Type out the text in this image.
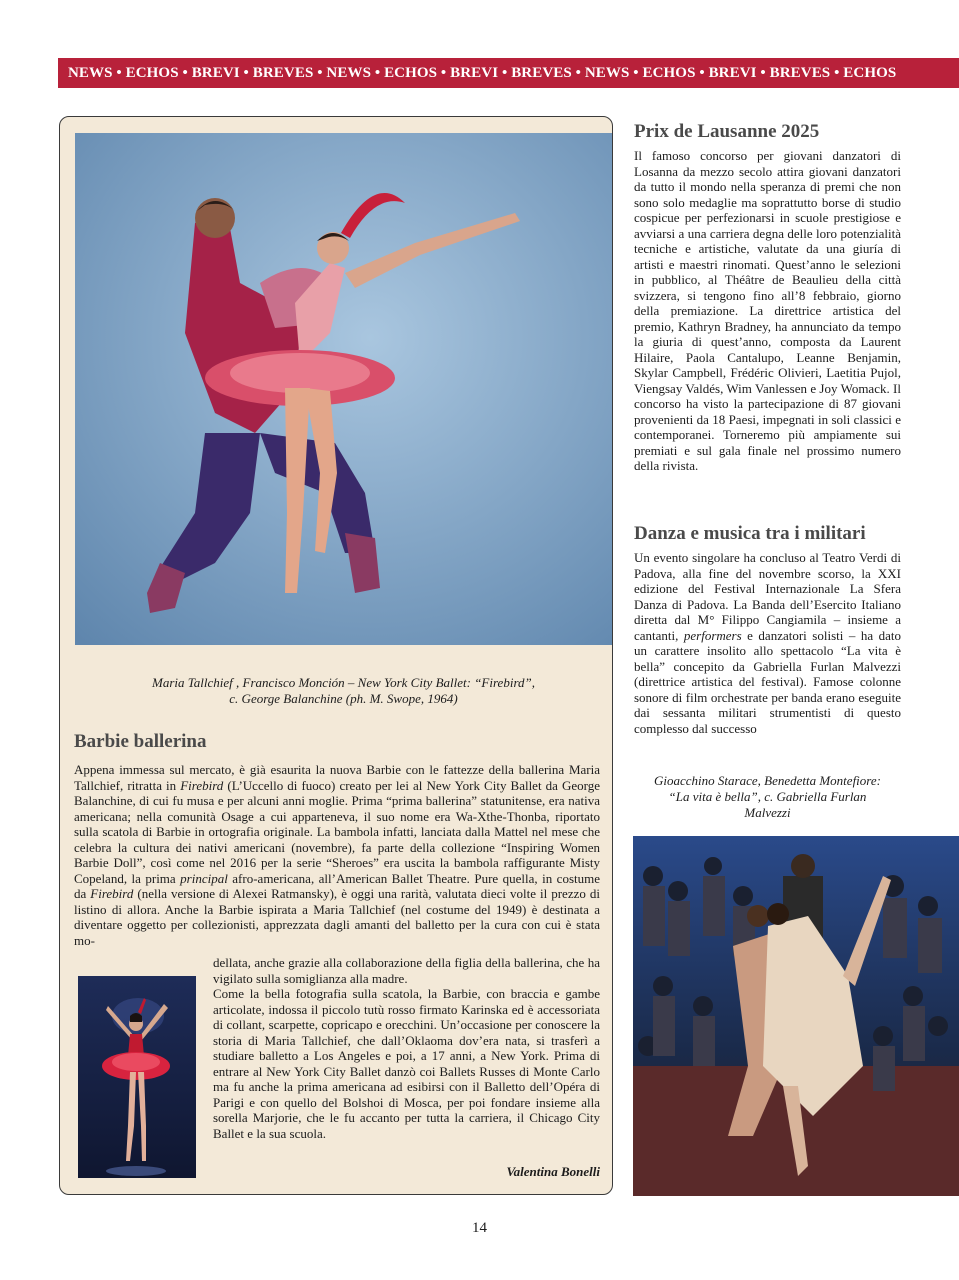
NEWS • ECHOS • BREVI • BREVES • NEWS • ECHOS • BREVI • BREVES • NEWS • ECHOS • BREVI • BREVES • ECHOS
Maria Tallchief , Francisco Monción – New York City Ballet: “Firebird”,
c. George Balanchine (ph. M. Swope, 1964)
Barbie ballerina

Appena immessa sul mercato, è già esaurita la nuova Barbie con le fattezze della ballerina Maria Tallchief, ritratta in Firebird (L’Uccello di fuoco) creato per lei al New York City Ballet da George Balanchine, di cui fu musa e per alcuni anni moglie. Prima “prima ballerina” statunitense, era nativa americana; nella comunità Osage a cui apparteneva, il suo nome era Wa-Xthe-Thonba, riportato sulla scatola di Barbie in ortografia originale. La bambola infatti, lanciata dalla Mattel nel mese che celebra la cultura dei nativi americani (novembre), fa parte della collezione “Inspiring Women Barbie Doll”, così come nel 2016 per la serie “Sheroes” era uscita la bambola raffigurante Misty Copeland, la prima principal afro-americana, all’American Ballet Theatre. Pure quella, in costume da Firebird (nella versione di Alexei Ratmansky), è oggi una rarità, valutata dieci volte il prezzo di listino di allora. Anche la Barbie ispirata a Maria Tallchief (nel costume del 1949) è destinata a diventare oggetto per collezionisti, apprezzata dagli amanti del balletto per la cura con cui è stata mo-

dellata, anche grazie alla collaborazione della figlia della ballerina, che ha vigilato sulla somiglianza alla madre.

Come la bella fotografia sulla scatola, la Barbie, con braccia e gambe articolate, indossa il piccolo tutù rosso firmato Karinska ed è accessoriata di collant, scarpette, copricapo e orecchini. Un’occasione per conoscere la storia di Maria Tallchief, che dall’Oklaoma dov’era nata, si trasferì a studiare balletto a Los Angeles e poi, a 17 anni, a New York. Prima di entrare al New York City Ballet danzò coi Ballets Russes di Monte Carlo ma fu anche la prima americana ad esibirsi con il Balletto dell’Opéra di Parigi e con quello del Bolshoi di Mosca, per poi fondare insieme alla sorella Marjorie, che le fu accanto per tutta la carriera, il Chicago City Ballet e la sua scuola.

Valentina Bonelli
Prix de Lausanne 2025
Il famoso concorso per giovani danzatori di Losanna da mezzo secolo attira giovani danzatori da tutto il mondo nella speranza di premi che non sono solo medaglie ma soprattutto borse di studio cospicue per perfezionarsi in scuole prestigiose e avviarsi a una carriera degna delle loro potenzialità tecniche e artistiche, valutate da una giuría di artisti e maestri rinomati. Quest’anno le selezioni in pubblico, al Théâtre de Beaulieu della città svizzera, si tengono fino all’8 febbraio, giorno della premiazione. La direttrice artistica del premio, Kathryn Bradney, ha annunciato da tempo la giuria di quest’anno, composta da Laurent Hilaire, Paola Cantalupo, Leanne Benjamin, Skylar Campbell, Frédéric Olivieri, Laetitia Pujol, Viengsay Valdés, Wim Vanlessen e Joy Womack. Il concorso ha visto la partecipazione di 87 giovani provenienti da 18 Paesi, impegnati in soli classici e contemporanei. Torneremo più ampiamente sui premiati e sul gala finale nel prossimo numero della rivista.
Danza e musica tra i militari

Un evento singolare ha concluso al Teatro Verdi di Padova, alla fine del novembre scorso, la XXI edizione del Festival Internazionale La Sfera Danza di Padova. La Banda dell’Esercito Italiano diretta dal M° Filippo Cangiamila – insieme a cantanti, performers e danzatori solisti – ha dato un carattere insolito allo spettacolo “La vita è bella” concepito da Gabriella Furlan Malvezzi (direttrice artistica del festival). Famose colonne sonore di film orchestrate per banda erano eseguite dai sessanta militari strumentisti di questo complesso dal successo

Gioacchino Starace, Benedetta Montefiore:
“La vita è bella”, c. Gabriella Furlan
Malvezzi
14
